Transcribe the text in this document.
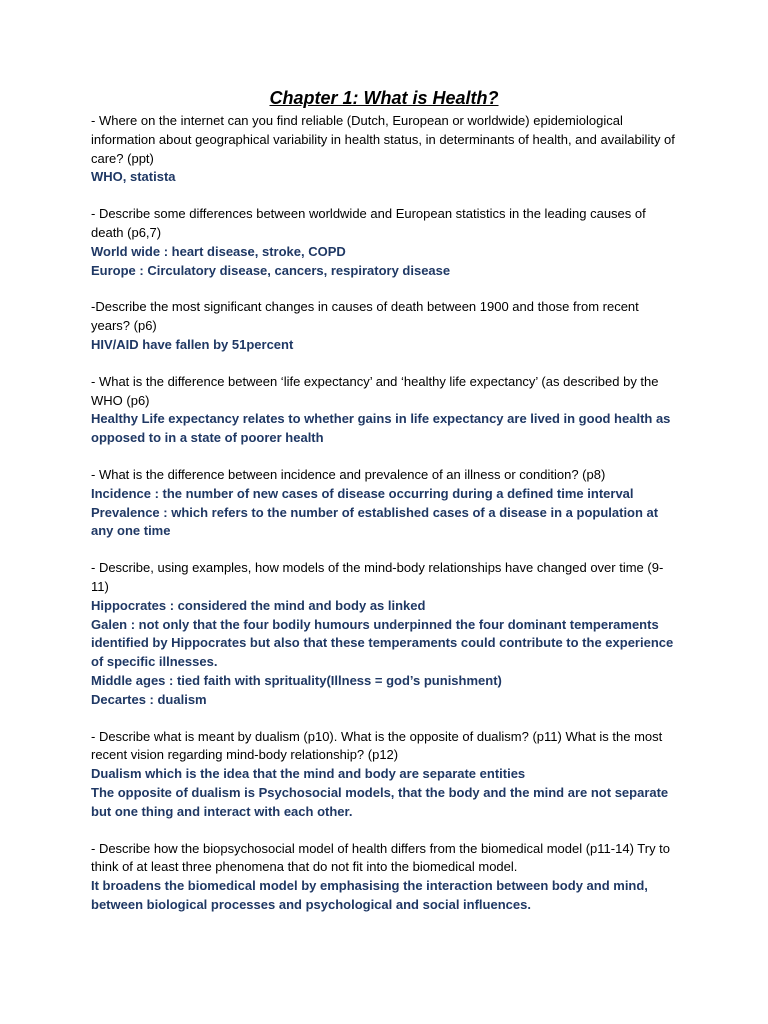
Chapter 1: What is Health?

- Where on the internet can you find reliable (Dutch, European or worldwide) epidemiological information about geographical variability in health status, in determinants of health, and availability of care? (ppt)

WHO, statista

- Describe some differences between worldwide and European statistics in the leading causes of death (p6,7)

World wide : heart disease, stroke, COPD

Europe : Circulatory disease, cancers, respiratory disease

-Describe the most significant changes in causes of death between 1900 and those from recent years? (p6)

HIV/AID have fallen by 51percent

- What is the difference between ‘life expectancy’ and ‘healthy life expectancy’ (as described by the WHO (p6)

Healthy Life expectancy relates to whether gains in life expectancy are lived in good health as opposed to in a state of poorer health

- What is the difference between incidence and prevalence of an illness or condition? (p8)

Incidence : the number of new cases of disease occurring during a defined time interval

Prevalence : which refers to the number of established cases of a disease in a population at any one time

- Describe, using examples, how models of the mind-body relationships have changed over time (9-11)

Hippocrates : considered the mind and body as linked

Galen : not only that the four bodily humours underpinned the four dominant temperaments identified by Hippocrates but also that these temperaments could contribute to the experience of specific illnesses.

Middle ages : tied faith with sprituality(Illness = god’s punishment)

Decartes : dualism

- Describe what is meant by dualism (p10). What is the opposite of dualism? (p11) What is the most recent vision regarding mind-body relationship? (p12)

Dualism which is the idea that the mind and body are separate entities

The opposite of dualism is Psychosocial models, that the body and the mind are not separate but one thing and interact with each other.

- Describe how the biopsychosocial model of health differs from the biomedical model (p11-14) Try to think of at least three phenomena that do not fit into the biomedical model.

It broadens the biomedical model by emphasising the interaction between body and mind, between biological processes and psychological and social influences.
